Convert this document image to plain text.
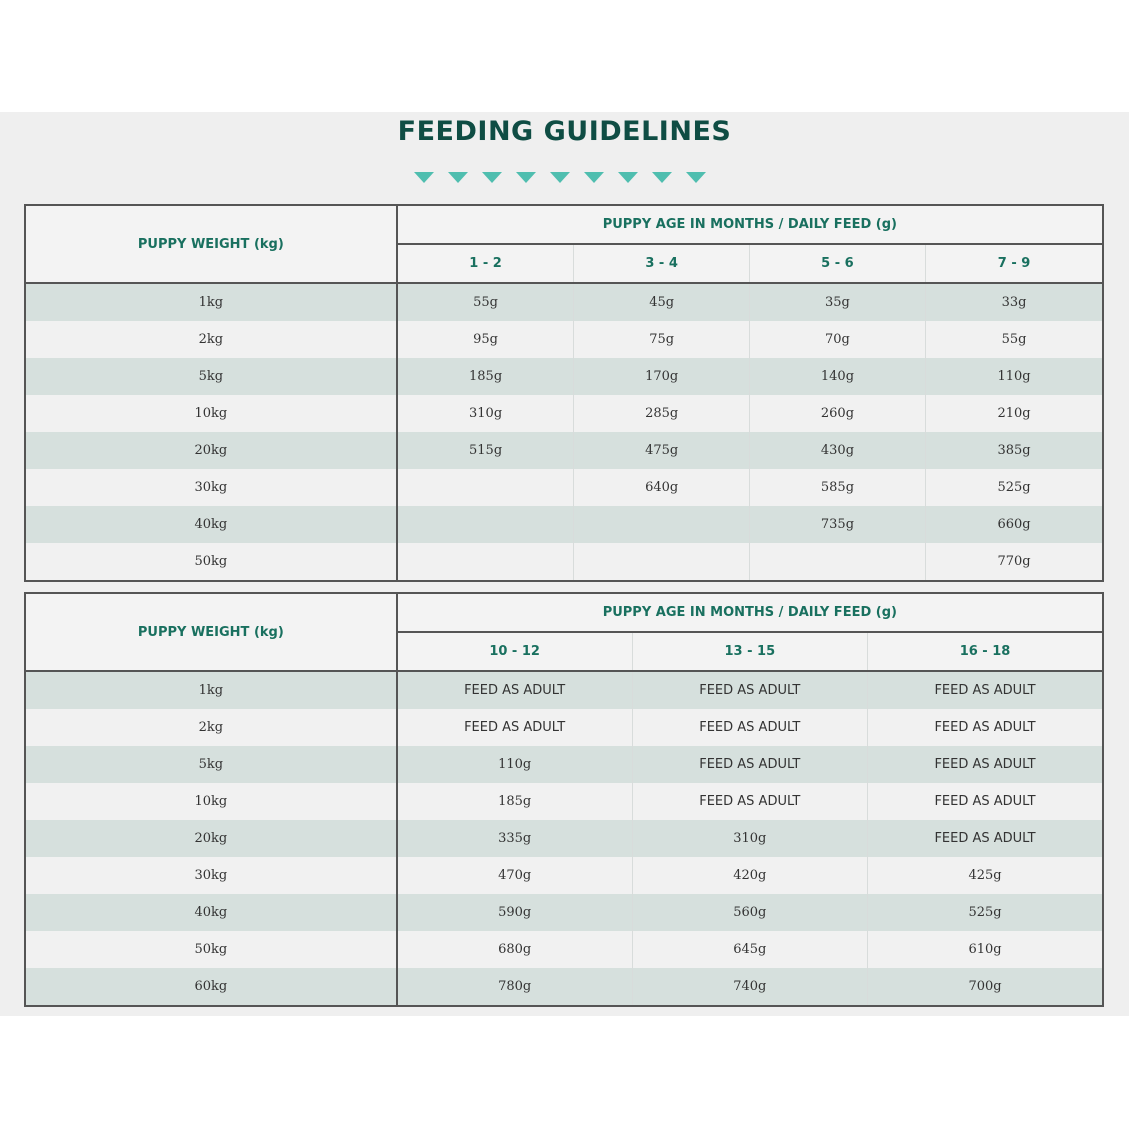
FEEDING GUIDELINES
PUPPY WEIGHT (kg)	PUPPY AGE IN MONTHS / DAILY FEED (g)			
	1 - 2	3 - 4	5 - 6	7 - 9
1kg	55g	45g	35g	33g
2kg	95g	75g	70g	55g
5kg	185g	170g	140g	110g
10kg	310g	285g	260g	210g
20kg	515g	475g	430g	385g
30kg		640g	585g	525g
40kg			735g	660g
50kg				770g
PUPPY WEIGHT (kg)	PUPPY AGE IN MONTHS / DAILY FEED (g)		
	10 - 12	13 - 15	16 - 18
1kg	FEED AS ADULT	FEED AS ADULT	FEED AS ADULT
2kg	FEED AS ADULT	FEED AS ADULT	FEED AS ADULT
5kg	110g	FEED AS ADULT	FEED AS ADULT
10kg	185g	FEED AS ADULT	FEED AS ADULT
20kg	335g	310g	FEED AS ADULT
30kg	470g	420g	425g
40kg	590g	560g	525g
50kg	680g	645g	610g
60kg	780g	740g	700g
